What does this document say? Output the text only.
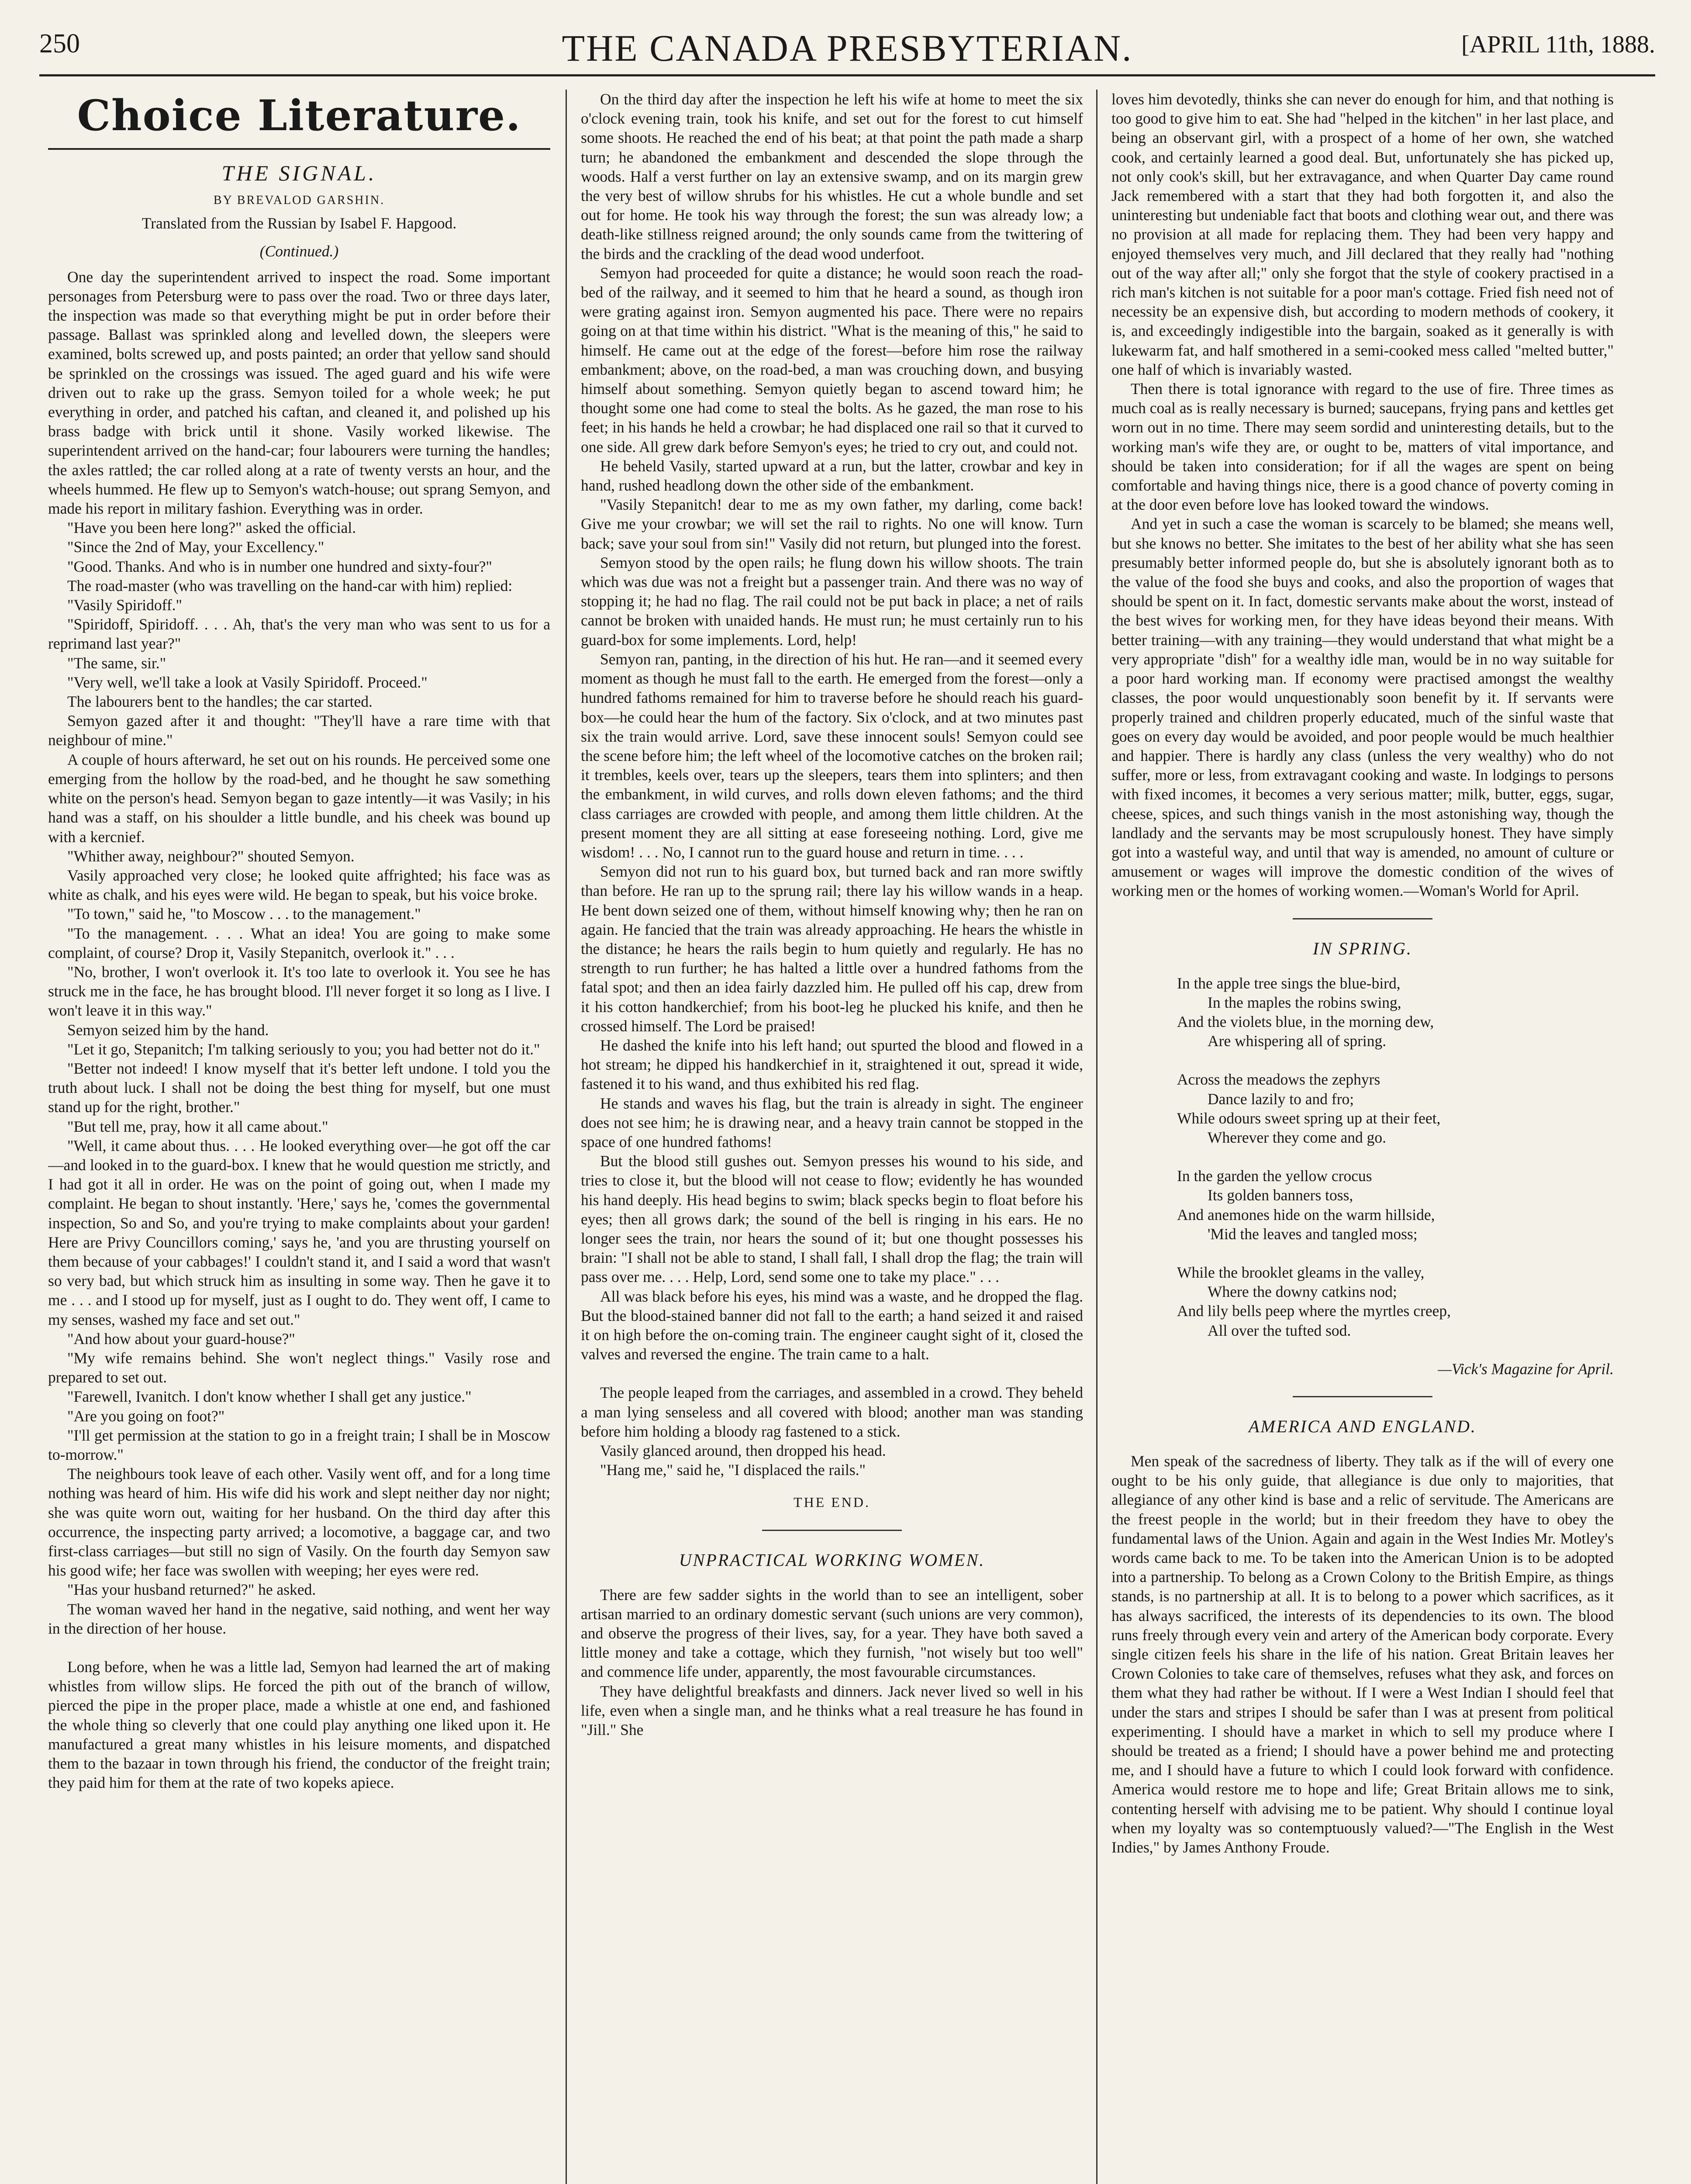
250	THE CANADA PRESBYTERIAN.	[APRIL 11th, 1888.
Choice Literature.
THE SIGNAL.
BY BREVALOD GARSHIN.
Translated from the Russian by Isabel F. Hapgood.
(Continued.)

One day the superintendent arrived to inspect the road. Some important personages from Petersburg were to pass over the road. Two or three days later, the inspection was made so that everything might be put in order before their passage. Ballast was sprinkled along and levelled down, the sleepers were examined, bolts screwed up, and posts painted; an order that yellow sand should be sprinkled on the crossings was issued. The aged guard and his wife were driven out to rake up the grass. Semyon toiled for a whole week; he put everything in order, and patched his caftan, and cleaned it, and polished up his brass badge with brick until it shone. Vasily worked likewise. The superintendent arrived on the hand-car; four labourers were turning the handles; the axles rattled; the car rolled along at a rate of twenty versts an hour, and the wheels hummed. He flew up to Semyon's watch-house; out sprang Semyon, and made his report in military fashion. Everything was in order.

"Have you been here long?" asked the official.

"Since the 2nd of May, your Excellency."

"Good. Thanks. And who is in number one hundred and sixty-four?"

The road-master (who was travelling on the hand-car with him) replied:

"Vasily Spiridoff."

"Spiridoff, Spiridoff. . . . Ah, that's the very man who was sent to us for a reprimand last year?"

"The same, sir."

"Very well, we'll take a look at Vasily Spiridoff. Proceed."

The labourers bent to the handles; the car started.

Semyon gazed after it and thought: "They'll have a rare time with that neighbour of mine."

A couple of hours afterward, he set out on his rounds. He perceived some one emerging from the hollow by the road-bed, and he thought he saw something white on the person's head. Semyon began to gaze intently—it was Vasily; in his hand was a staff, on his shoulder a little bundle, and his cheek was bound up with a kercnief.

"Whither away, neighbour?" shouted Semyon.

Vasily approached very close; he looked quite affrighted; his face was as white as chalk, and his eyes were wild. He began to speak, but his voice broke.

"To town," said he, "to Moscow . . . to the management."

"To the management. . . . What an idea! You are going to make some complaint, of course? Drop it, Vasily Stepanitch, overlook it." . . .

"No, brother, I won't overlook it. It's too late to overlook it. You see he has struck me in the face, he has brought blood. I'll never forget it so long as I live. I won't leave it in this way."

Semyon seized him by the hand.

"Let it go, Stepanitch; I'm talking seriously to you; you had better not do it."

"Better not indeed! I know myself that it's better left undone. I told you the truth about luck. I shall not be doing the best thing for myself, but one must stand up for the right, brother."

"But tell me, pray, how it all came about."

"Well, it came about thus. . . . He looked everything over—he got off the car—and looked in to the guard-box. I knew that he would question me strictly, and I had got it all in order. He was on the point of going out, when I made my complaint. He began to shout instantly. 'Here,' says he, 'comes the governmental inspection, So and So, and you're trying to make complaints about your garden! Here are Privy Councillors coming,' says he, 'and you are thrusting yourself on them because of your cabbages!' I couldn't stand it, and I said a word that wasn't so very bad, but which struck him as insulting in some way. Then he gave it to me . . . and I stood up for myself, just as I ought to do. They went off, I came to my senses, washed my face and set out."

"And how about your guard-house?"

"My wife remains behind. She won't neglect things." Vasily rose and prepared to set out.

"Farewell, Ivanitch. I don't know whether I shall get any justice."

"Are you going on foot?"

"I'll get permission at the station to go in a freight train; I shall be in Moscow to-morrow."

The neighbours took leave of each other. Vasily went off, and for a long time nothing was heard of him. His wife did his work and slept neither day nor night; she was quite worn out, waiting for her husband. On the third day after this occurrence, the inspecting party arrived; a locomotive, a baggage car, and two first-class carriages—but still no sign of Vasily. On the fourth day Semyon saw his good wife; her face was swollen with weeping; her eyes were red.

"Has your husband returned?" he asked.

The woman waved her hand in the negative, said nothing, and went her way in the direction of her house.

Long before, when he was a little lad, Semyon had learned the art of making whistles from willow slips. He forced the pith out of the branch of willow, pierced the pipe in the proper place, made a whistle at one end, and fashioned the whole thing so cleverly that one could play anything one liked upon it. He manufactured a great many whistles in his leisure moments, and dispatched them to the bazaar in town through his friend, the conductor of the freight train; they paid him for them at the rate of two kopeks apiece.

On the third day after the inspection he left his wife at home to meet the six o'clock evening train, took his knife, and set out for the forest to cut himself some shoots. He reached the end of his beat; at that point the path made a sharp turn; he abandoned the embankment and descended the slope through the woods. Half a verst further on lay an extensive swamp, and on its margin grew the very best of willow shrubs for his whistles. He cut a whole bundle and set out for home. He took his way through the forest; the sun was already low; a death-like stillness reigned around; the only sounds came from the twittering of the birds and the crackling of the dead wood underfoot.

Semyon had proceeded for quite a distance; he would soon reach the road-bed of the railway, and it seemed to him that he heard a sound, as though iron were grating against iron. Semyon augmented his pace. There were no repairs going on at that time within his district. "What is the meaning of this," he said to himself. He came out at the edge of the forest—before him rose the railway embankment; above, on the road-bed, a man was crouching down, and busying himself about something. Semyon quietly began to ascend toward him; he thought some one had come to steal the bolts. As he gazed, the man rose to his feet; in his hands he held a crowbar; he had displaced one rail so that it curved to one side. All grew dark before Semyon's eyes; he tried to cry out, and could not.

He beheld Vasily, started upward at a run, but the latter, crowbar and key in hand, rushed headlong down the other side of the embankment.

"Vasily Stepanitch! dear to me as my own father, my darling, come back! Give me your crowbar; we will set the rail to rights. No one will know. Turn back; save your soul from sin!" Vasily did not return, but plunged into the forest.

Semyon stood by the open rails; he flung down his willow shoots. The train which was due was not a freight but a passenger train. And there was no way of stopping it; he had no flag. The rail could not be put back in place; a net of rails cannot be broken with unaided hands. He must run; he must certainly run to his guard-box for some implements. Lord, help!

Semyon ran, panting, in the direction of his hut. He ran—and it seemed every moment as though he must fall to the earth. He emerged from the forest—only a hundred fathoms remained for him to traverse before he should reach his guard-box—he could hear the hum of the factory. Six o'clock, and at two minutes past six the train would arrive. Lord, save these innocent souls! Semyon could see the scene before him; the left wheel of the locomotive catches on the broken rail; it trembles, keels over, tears up the sleepers, tears them into splinters; and then the embankment, in wild curves, and rolls down eleven fathoms; and the third class carriages are crowded with people, and among them little children. At the present moment they are all sitting at ease foreseeing nothing. Lord, give me wisdom! . . . No, I cannot run to the guard house and return in time. . . .

Semyon did not run to his guard box, but turned back and ran more swiftly than before. He ran up to the sprung rail; there lay his willow wands in a heap. He bent down seized one of them, without himself knowing why; then he ran on again. He fancied that the train was already approaching. He hears the whistle in the distance; he hears the rails begin to hum quietly and regularly. He has no strength to run further; he has halted a little over a hundred fathoms from the fatal spot; and then an idea fairly dazzled him. He pulled off his cap, drew from it his cotton handkerchief; from his boot-leg he plucked his knife, and then he crossed himself. The Lord be praised!

He dashed the knife into his left hand; out spurted the blood and flowed in a hot stream; he dipped his handkerchief in it, straightened it out, spread it wide, fastened it to his wand, and thus exhibited his red flag.

He stands and waves his flag, but the train is already in sight. The engineer does not see him; he is drawing near, and a heavy train cannot be stopped in the space of one hundred fathoms!

But the blood still gushes out. Semyon presses his wound to his side, and tries to close it, but the blood will not cease to flow; evidently he has wounded his hand deeply. His head begins to swim; black specks begin to float before his eyes; then all grows dark; the sound of the bell is ringing in his ears. He no longer sees the train, nor hears the sound of it; but one thought possesses his brain: "I shall not be able to stand, I shall fall, I shall drop the flag; the train will pass over me. . . . Help, Lord, send some one to take my place." . . .

All was black before his eyes, his mind was a waste, and he dropped the flag. But the blood-stained banner did not fall to the earth; a hand seized it and raised it on high before the on-coming train. The engineer caught sight of it, closed the valves and reversed the engine. The train came to a halt.

The people leaped from the carriages, and assembled in a crowd. They beheld a man lying senseless and all covered with blood; another man was standing before him holding a bloody rag fastened to a stick.

Vasily glanced around, then dropped his head.

"Hang me," said he, "I displaced the rails."

THE END.
UNPRACTICAL WORKING WOMEN.

There are few sadder sights in the world than to see an intelligent, sober artisan married to an ordinary domestic servant (such unions are very common), and observe the progress of their lives, say, for a year. They have both saved a little money and take a cottage, which they furnish, "not wisely but too well" and commence life under, apparently, the most favourable circumstances.

They have delightful breakfasts and dinners. Jack never lived so well in his life, even when a single man, and he thinks what a real treasure he has found in "Jill." She

loves him devotedly, thinks she can never do enough for him, and that nothing is too good to give him to eat. She had "helped in the kitchen" in her last place, and being an observant girl, with a prospect of a home of her own, she watched cook, and certainly learned a good deal. But, unfortunately she has picked up, not only cook's skill, but her extravagance, and when Quarter Day came round Jack remembered with a start that they had both forgotten it, and also the uninteresting but undeniable fact that boots and clothing wear out, and there was no provision at all made for replacing them. They had been very happy and enjoyed themselves very much, and Jill declared that they really had "nothing out of the way after all;" only she forgot that the style of cookery practised in a rich man's kitchen is not suitable for a poor man's cottage. Fried fish need not of necessity be an expensive dish, but according to modern methods of cookery, it is, and exceedingly indigestible into the bargain, soaked as it generally is with lukewarm fat, and half smothered in a semi-cooked mess called "melted butter," one half of which is invariably wasted.

Then there is total ignorance with regard to the use of fire. Three times as much coal as is really necessary is burned; saucepans, frying pans and kettles get worn out in no time. There may seem sordid and uninteresting details, but to the working man's wife they are, or ought to be, matters of vital importance, and should be taken into consideration; for if all the wages are spent on being comfortable and having things nice, there is a good chance of poverty coming in at the door even before love has looked toward the windows.

And yet in such a case the woman is scarcely to be blamed; she means well, but she knows no better. She imitates to the best of her ability what she has seen presumably better informed people do, but she is absolutely ignorant both as to the value of the food she buys and cooks, and also the proportion of wages that should be spent on it. In fact, domestic servants make about the worst, instead of the best wives for working men, for they have ideas beyond their means. With better training—with any training—they would understand that what might be a very appropriate "dish" for a wealthy idle man, would be in no way suitable for a poor hard working man. If economy were practised amongst the wealthy classes, the poor would unquestionably soon benefit by it. If servants were properly trained and children properly educated, much of the sinful waste that goes on every day would be avoided, and poor people would be much healthier and happier. There is hardly any class (unless the very wealthy) who do not suffer, more or less, from extravagant cooking and waste. In lodgings to persons with fixed incomes, it becomes a very serious matter; milk, butter, eggs, sugar, cheese, spices, and such things vanish in the most astonishing way, though the landlady and the servants may be most scrupulously honest. They have simply got into a wasteful way, and until that way is amended, no amount of culture or amusement or wages will improve the domestic condition of the wives of working men or the homes of working women.—Woman's World for April.

IN SPRING.
In the apple tree sings the blue-bird,
In the maples the robins swing,
And the violets blue, in the morning dew,
Are whispering all of spring.
Across the meadows the zephyrs
Dance lazily to and fro;
While odours sweet spring up at their feet,
Wherever they come and go.
In the garden the yellow crocus
Its golden banners toss,
And anemones hide on the warm hillside,
'Mid the leaves and tangled moss;
While the brooklet gleams in the valley,
Where the downy catkins nod;
And lily bells peep where the myrtles creep,
All over the tufted sod.
—Vick's Magazine for April.
AMERICA AND ENGLAND.

Men speak of the sacredness of liberty. They talk as if the will of every one ought to be his only guide, that allegiance is due only to majorities, that allegiance of any other kind is base and a relic of servitude. The Americans are the freest people in the world; but in their freedom they have to obey the fundamental laws of the Union. Again and again in the West Indies Mr. Motley's words came back to me. To be taken into the American Union is to be adopted into a partnership. To belong as a Crown Colony to the British Empire, as things stands, is no partnership at all. It is to belong to a power which sacrifices, as it has always sacrificed, the interests of its dependencies to its own. The blood runs freely through every vein and artery of the American body corporate. Every single citizen feels his share in the life of his nation. Great Britain leaves her Crown Colonies to take care of themselves, refuses what they ask, and forces on them what they had rather be without. If I were a West Indian I should feel that under the stars and stripes I should be safer than I was at present from political experimenting. I should have a market in which to sell my produce where I should be treated as a friend; I should have a power behind me and protecting me, and I should have a future to which I could look forward with confidence. America would restore me to hope and life; Great Britain allows me to sink, contenting herself with advising me to be patient. Why should I continue loyal when my loyalty was so contemptuously valued?—"The English in the West Indies," by James Anthony Froude.
